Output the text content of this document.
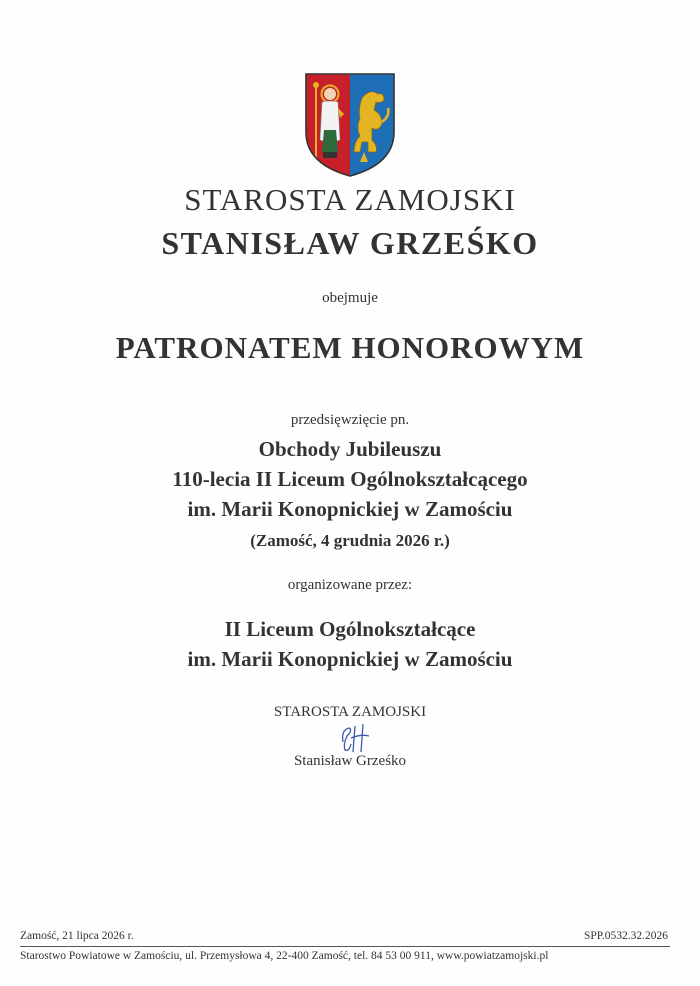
STAROSTA ZAMOJSKI
STANISŁAW GRZEŚKO
obejmuje
PATRONATEM HONOROWYM
przedsięwzięcie pn.
Obchody Jubileuszu
110-lecia II Liceum Ogólnokształcącego
im. Marii Konopnickiej w Zamościu
(Zamość, 4 grudnia 2026 r.)
organizowane przez:
II Liceum Ogólnokształcące
im. Marii Konopnickiej w Zamościu
STAROSTA ZAMOJSKI
Stanisław Grześko
Zamość, 21 lipca 2026 r.	SPP.0532.32.2026
Starostwo Powiatowe w Zamościu, ul. Przemysłowa 4, 22-400 Zamość, tel. 84 53 00 911, www.powiatzamojski.pl
